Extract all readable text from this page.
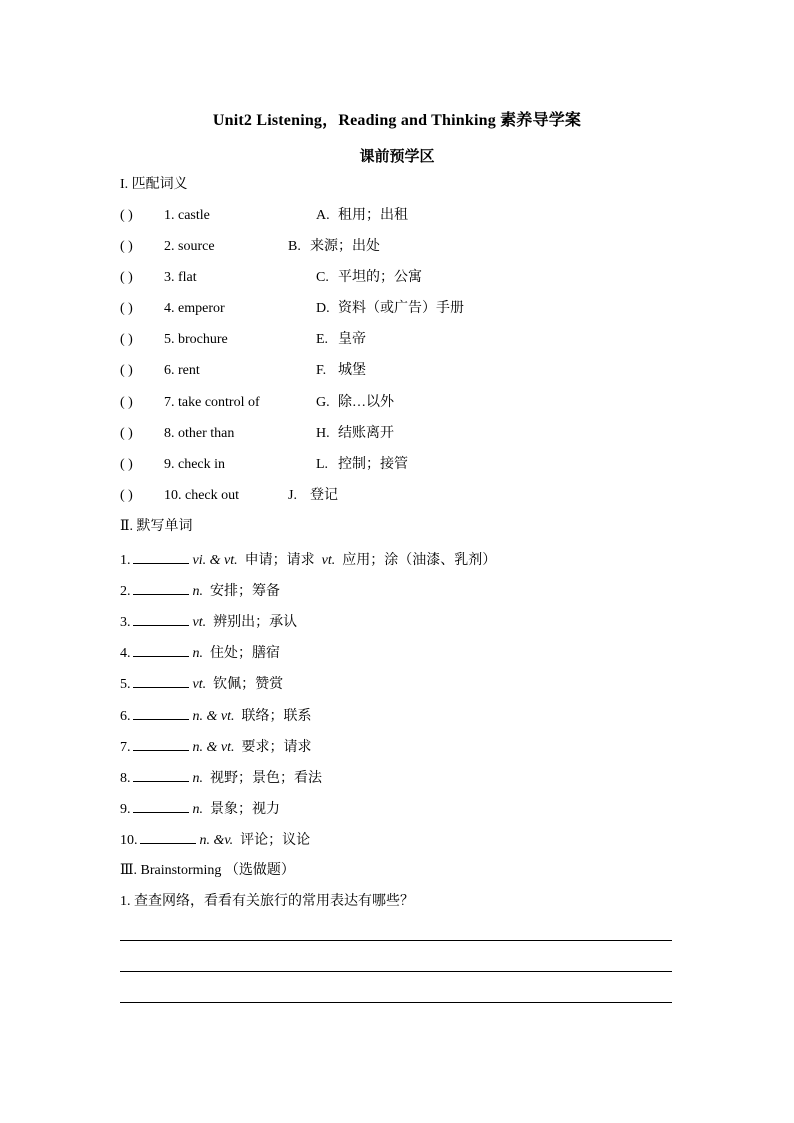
Unit2 Listening，Reading and Thinking 素养导学案
课前预学区
I. 匹配词义
( ) 1. castle	A. 租用；出租
( ) 2. source	B. 来源；出处
( ) 3. flat	C. 平坦的；公寓
( ) 4. emperor	D. 资料（或广告）手册
( ) 5. brochure	E. 皇帝
( ) 6. rent	F. 城堡
( ) 7. take control of	G. 除…以外
( ) 8. other than	H. 结账离开
( ) 9. check in	L. 控制；接管
( ) 10. check out	J. 登记
Ⅱ. 默写单词
1.	vi. & vt. 申请；请求 vt. 应用；涂（油漆、乳剂）
2.	n. 安排；筹备
3.	vt. 辨别出；承认
4.	n. 住处；膳宿
5.	vt. 钦佩；赞赏
6.	n. & vt. 联络；联系
7.	n. & vt. 要求；请求
8.	n. 视野；景色；看法
9.	n. 景象；视力
10.	n. &v. 评论；议论
Ⅲ. Brainstorming （选做题）
1. 查查网络，看看有关旅行的常用表达有哪些？
